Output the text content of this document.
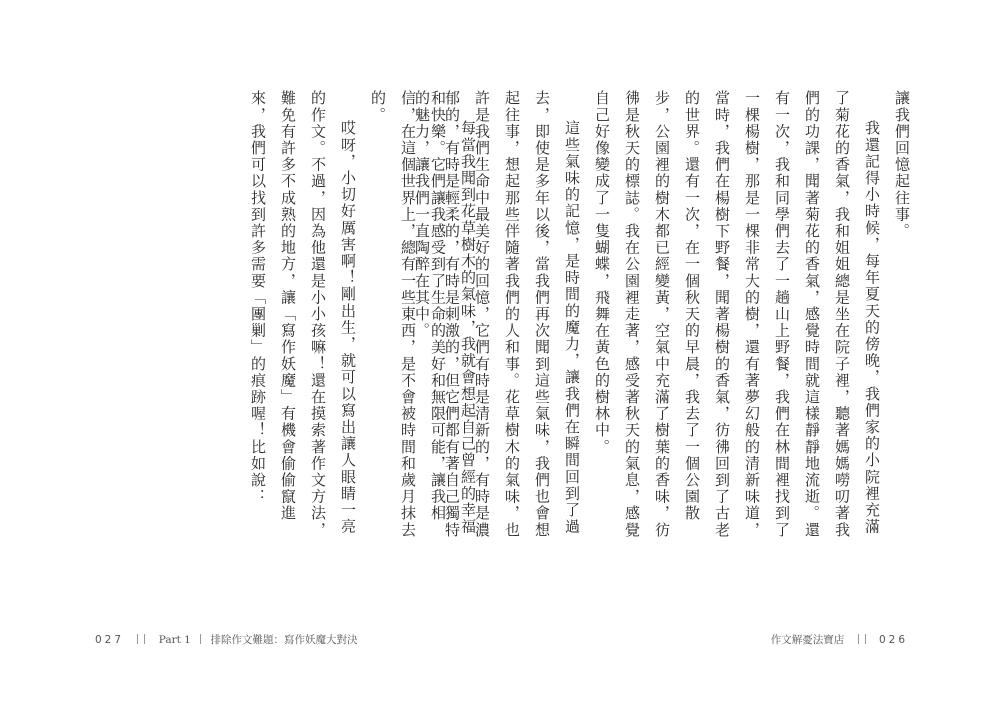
每當我聞到花草樹木的氣味，我就會想起自己曾經的幸福和快樂。它們讓我感受到了生命的美好和無限可能，讓我相信，在這個世界上，總有一些東西，是不會被時間和歲月抹去的。

哎呀，小切好厲害啊！剛出生，就可以寫出讓人眼睛一亮的作文。不過，因為他還是小小孩嘛！還在摸索著作文方法，難免有許多不成熟的地方，讓「寫作妖魔」有機會偷偷竄進來，我們可以找到許多需要「團剿」的痕跡喔！比如說：	讓我們回憶起往事。

我還記得小時候，每年夏天的傍晚，我們家的小院裡充滿了菊花的香氣，我和姐姐總是坐在院子裡，聽著媽媽嘮叨著我們的功課，聞著菊花的香氣，感覺時間就這樣靜靜地流逝。還有一次，我和同學們去了一趟山上野餐，我們在林間裡找到了一棵楊樹，那是一棵非常大的樹，還有著夢幻般的清新味道，當時，我們在楊樹下野餐，聞著楊樹的香氣，彷彿回到了古老的世界。還有一次，在一個秋天的早晨，我去了一個公園散步，公園裡的樹木都已經變黃，空氣中充滿了樹葉的香味，彷彿是秋天的標誌。我在公園裡走著，感受著秋天的氣息，感覺自己好像變成了一隻蝴蝶，飛舞在黃色的樹林中。

這些氣味的記憶，是時間的魔力，讓我們在瞬間回到了過去，即使是多年以後，當我們再次聞到這些氣味，我們也會想起往事，想起那些伴隨著我們的人和事。花草樹木的氣味，也許是我們生命中最美好的回憶，它們有時是清新的，有時是濃郁的，有時是輕柔的，有時是刺激的，但它們都有著自己獨特的魅力，讓我們一直陶醉在其中。

027	Part 1 排除作文難題：寫作妖魔大對決	作文解憂法寶店	026
